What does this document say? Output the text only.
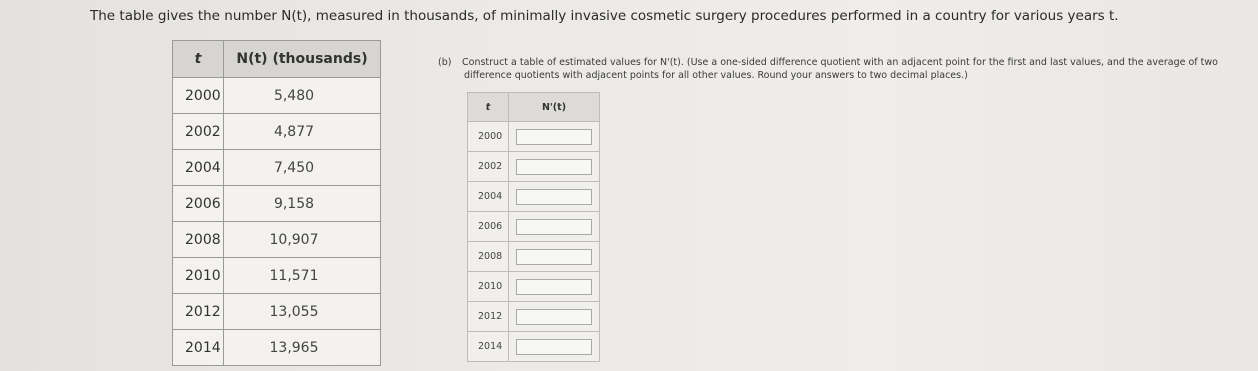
The table gives the number N(t), measured in thousands, of minimally invasive cosmetic surgery procedures performed in a country for various years t.
t	N(t) (thousands)
2000	5,480
2002	4,877
2004	7,450
2006	9,158
2008	10,907
2010	11,571
2012	13,055
2014	13,965
(b) Construct a table of estimated values for N'(t). (Use a one-sided difference quotient with an adjacent point for the first and last values, and the average of two
difference quotients with adjacent points for all other values. Round your answers to two decimal places.)
t	N'(t)
2000	
2002	
2004	
2006	
2008	
2010	
2012	
2014	
